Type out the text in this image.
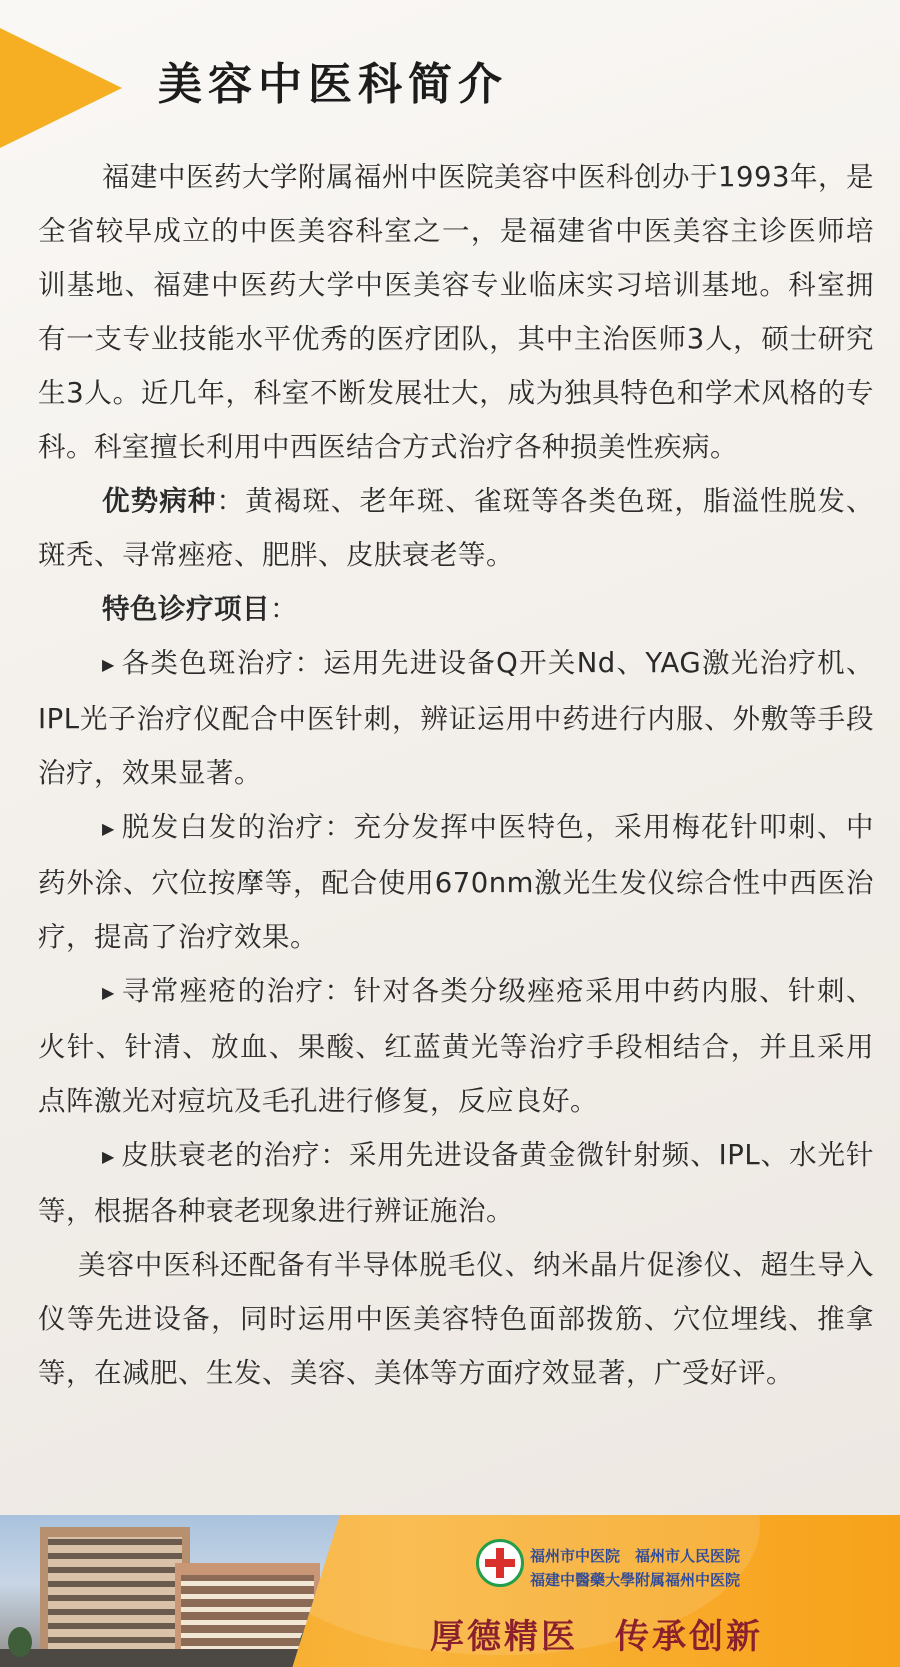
美容中医科简介

福建中医药大学附属福州中医院美容中医科创办于1993年，是全省较早成立的中医美容科室之一，是福建省中医美容主诊医师培训基地、福建中医药大学中医美容专业临床实习培训基地。科室拥有一支专业技能水平优秀的医疗团队，其中主治医师3人，硕士研究生3人。近几年，科室不断发展壮大，成为独具特色和学术风格的专科。科室擅长利用中西医结合方式治疗各种损美性疾病。

优势病种：黄褐斑、老年斑、雀斑等各类色斑，脂溢性脱发、斑秃、寻常痤疮、肥胖、皮肤衰老等。

特色诊疗项目：

▶ 各类色斑治疗：运用先进设备Q开关Nd、YAG激光治疗机、IPL光子治疗仪配合中医针刺，辨证运用中药进行内服、外敷等手段治疗，效果显著。

▶ 脱发白发的治疗：充分发挥中医特色，采用梅花针叩刺、中药外涂、穴位按摩等，配合使用670nm激光生发仪综合性中西医治疗，提高了治疗效果。

▶ 寻常痤疮的治疗：针对各类分级痤疮采用中药内服、针刺、火针、针清、放血、果酸、红蓝黄光等治疗手段相结合，并且采用点阵激光对痘坑及毛孔进行修复，反应良好。

▶ 皮肤衰老的治疗：采用先进设备黄金微针射频、IPL、水光针等，根据各种衰老现象进行辨证施治。

美容中医科还配备有半导体脱毛仪、纳米晶片促渗仪、超生导入仪等先进设备，同时运用中医美容特色面部拨筋、穴位埋线、推拿等，在减肥、生发、美容、美体等方面疗效显著，广受好评。

福州市中医院　福州市人民医院
福建中醫藥大學附属福州中医院
厚德精医　传承创新
